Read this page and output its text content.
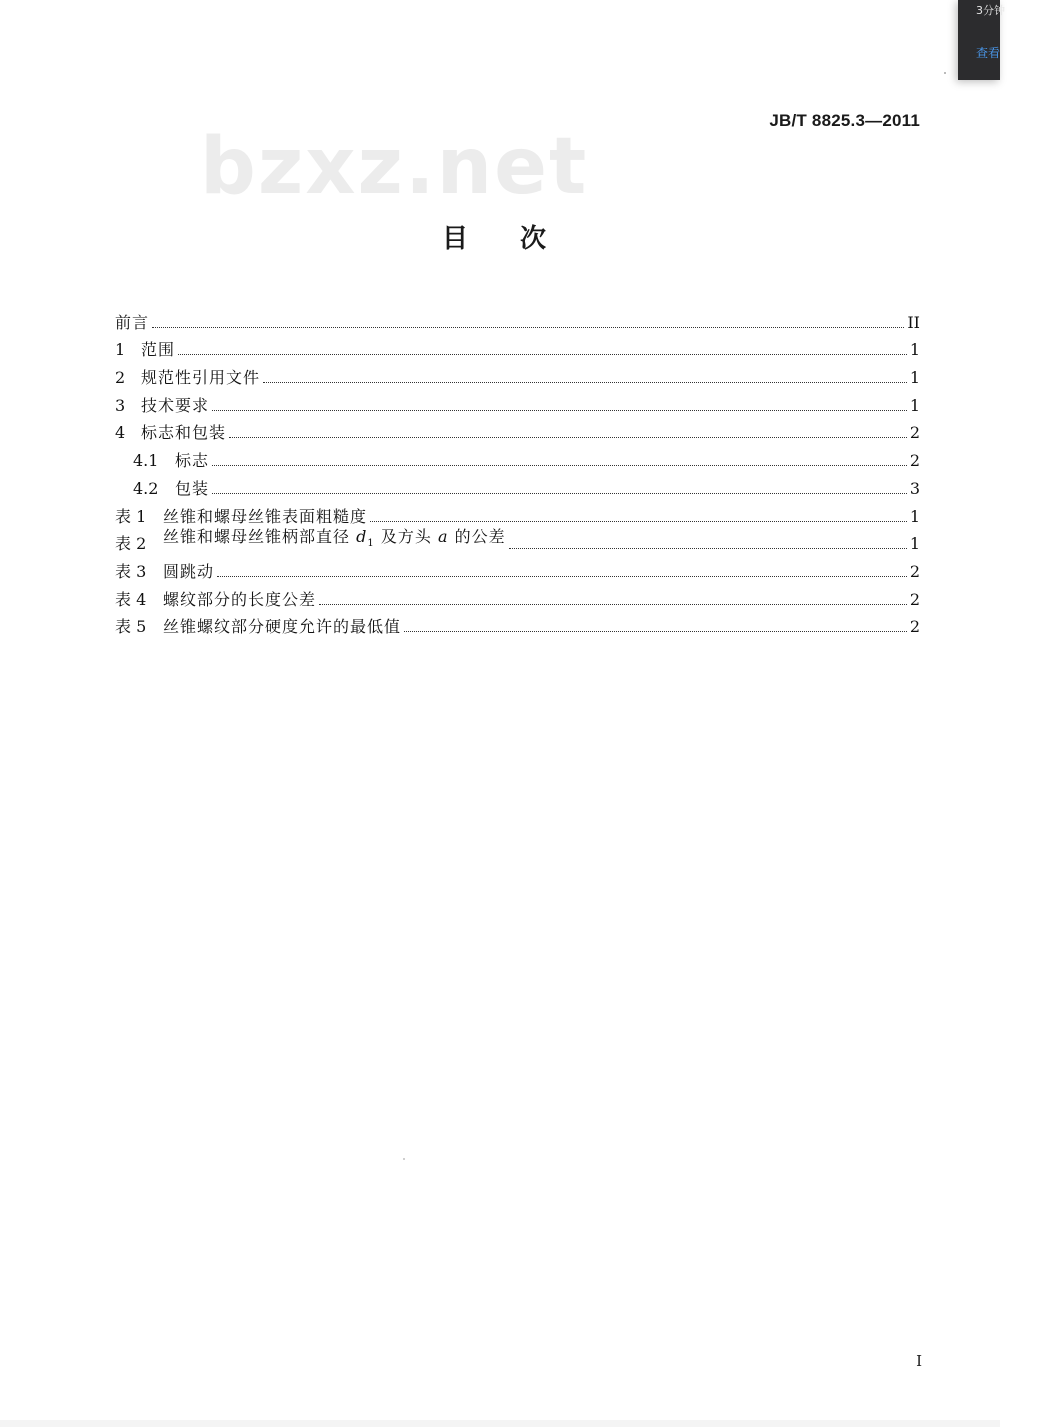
3分钟
查看
JB/T 8825.3—2011
bzxz.net
目次
前言	II
1 范围	1
2 规范性引用文件	1
3 技术要求	1
4 标志和包装	2
4.1 标志	2
4.2 包装	3
表 1 丝锥和螺母丝锥表面粗糙度	1
表 2 丝锥和螺母丝锥柄部直径 $d_1$ 及方头 a 的公差	1
表 3 圆跳动	2
表 4 螺纹部分的长度公差	2
表 5 丝锥螺纹部分硬度允许的最低值	2
I
